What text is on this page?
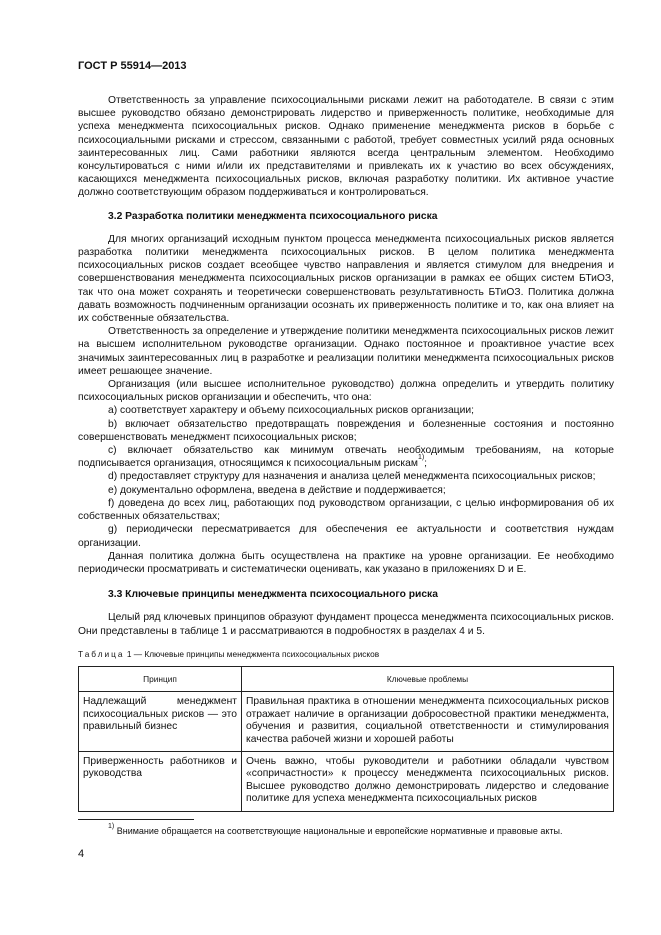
ГОСТ Р 55914—2013

Ответственность за управление психосоциальными рисками лежит на работодателе. В связи с этим высшее руководство обязано демонстрировать лидерство и приверженность политике, необходимые для успеха менеджмента психосоциальных рисков. Однако применение менеджмента рисков в борьбе с психосоциальными рисками и стрессом, связанными с работой, требует совместных усилий ряда основных заинтересованных лиц. Сами работники являются всегда центральным элементом. Необходимо консультироваться с ними и/или их представителями и привлекать их к участию во всех обсуждениях, касающихся менеджмента психосоциальных рисков, включая разработку политики. Их активное участие должно соответствующим образом поддерживаться и контролироваться.

3.2 Разработка политики менеджмента психосоциального риска

Для многих организаций исходным пунктом процесса менеджмента психосоциальных рисков является разработка политики менеджмента психосоциальных рисков. В целом политика менеджмента психосоциальных рисков создает всеобщее чувство направления и является стимулом для внедрения и совершенствования менеджмента психосоциальных рисков организации в рамках ее общих систем БТиОЗ, так что она может сохранять и теоретически совершенствовать результативность БТиОЗ. Политика должна давать возможность подчиненным организации осознать их приверженность политике и то, как она влияет на их собственные обязательства.

Ответственность за определение и утверждение политики менеджмента психосоциальных рисков лежит на высшем исполнительном руководстве организации. Однако постоянное и проактивное участие всех значимых заинтересованных лиц в разработке и реализации политики менеджмента психосоциальных рисков имеет решающее значение.

Организация (или высшее исполнительное руководство) должна определить и утвердить политику психосоциальных рисков организации и обеспечить, что она:

a) соответствует характеру и объему психосоциальных рисков организации;

b) включает обязательство предотвращать повреждения и болезненные состояния и постоянно совершенствовать менеджмент психосоциальных рисков;

c) включает обязательство как минимум отвечать необходимым требованиям, на которые подписывается организация, относящимся к психосоциальным рискам$^{1)}$;

d) предоставляет структуру для назначения и анализа целей менеджмента психосоциальных рисков;

e) документально оформлена, введена в действие и поддерживается;

f) доведена до всех лиц, работающих под руководством организации, с целью информирования об их собственных обязательствах;

g) периодически пересматривается для обеспечения ее актуальности и соответствия нуждам организации.

Данная политика должна быть осуществлена на практике на уровне организации. Ее необходимо периодически просматривать и систематически оценивать, как указано в приложениях D и E.

3.3 Ключевые принципы менеджмента психосоциального риска

Целый ряд ключевых принципов образуют фундамент процесса менеджмента психосоциальных рисков. Они представлены в таблице 1 и рассматриваются в подробностях в разделах 4 и 5.

Таблица 1 — Ключевые принципы менеджмента психосоциальных рисков
Принцип	Ключевые проблемы
Надлежащий менеджмент психосоциальных рисков — это правильный бизнес	Правильная практика в отношении менеджмента психосоциальных рисков отражает наличие в организации добросовестной практики менеджмента, обучения и развития, социальной ответственности и стимулирования качества рабочей жизни и хорошей работы
Приверженность работников и руководства	Очень важно, чтобы руководители и работники обладали чувством «сопричастности» к процессу менеджмента психосоциальных рисков. Высшее руководство должно демонстрировать лидерство и следование политике для успеха менеджмента психосоциальных рисков
$^{1)}$ Внимание обращается на соответствующие национальные и европейские нормативные и правовые акты.
4
